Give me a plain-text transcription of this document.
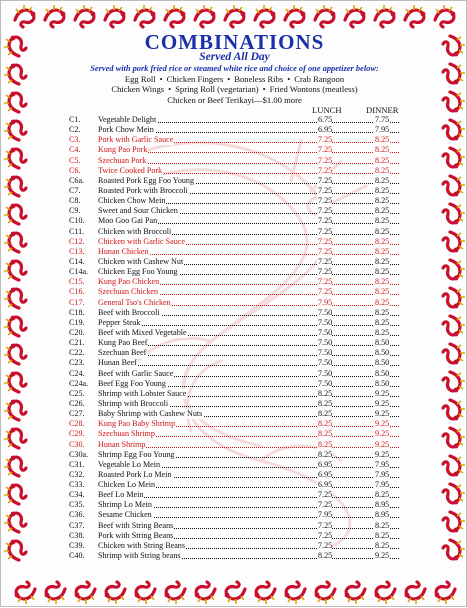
COMBINATIONS
Served All Day
Served with pork fried rice or steamed white rice and choice of one appetizer below:
Egg Roll • Chicken Fingers • Boneless Ribs • Crab Rangoon
Chicken Wings • Spring Roll (vegetarian) • Fried Wontons (meatless)
Chicken or Beef Terikayi—$1.00 more
LUNCH	DINNER
C1.	Vegetable Delight	6.75	7.75
C2.	Pork Chow Mein	6.95	7.95
C3.	Pork with Garlic Sauce	7.25	8.25
C4.	Kung Pao Pork	7.25	8.25
C5.	Szechuan Pork	7.25	8.25
C6.	Twice Cooked Pork	7.25	8.25
C6a.	Roasted Pork Egg Foo Young	7.25	8.25
C7.	Roasted Pork with Broccoli	7.25	8.25
C8.	Chicken Chow Mein	7.25	8.25
C9.	Sweet and Sour Chicken	7.25	8.25
C10.	Moo Goo Gai Pan	7.25	8.25
C11.	Chicken with Broccoli	7.25	8.25
C12.	Chicken with Garlic Sauce	7.25	8.25
C13.	Hunan Chicken	7.25	8.25
C14.	Chicken with Cashew Nut	7.25	8.25
C14a.	Chicken Egg Foo Young	7.25	8.25
C15.	Kung Pao Chicken	7.25	8.25
C16.	Szechuan Chicken	7.25	8.25
C17.	General Tso's Chicken	7.95	8.25
C18.	Beef with Broccoli	7.50	8.25
C19.	Pepper Steak	7.50	8.25
C20.	Beef with Mixed Vegetable	7.50	8.25
C21.	Kung Pao Beef	7.50	8.50
C22.	Szechuan Beef	7.50	8.50
C23.	Hunan Beef	7.50	8.50
C24.	Beef with Garlic Sauce	7.50	8.50
C24a.	Beef Egg Foo Young	7.50	8.50
C25.	Shrimp with Lobster Sauce	8.25	9.25
C26.	Shrimp with Broccoli	8.25	9.25
C27.	Baby Shrimp with Cashew Nuts	8.25	9.25
C28.	Kung Pao Baby Shrimp	8.25	9.25
C29.	Szechuan Shrimp	8.25	9.25
C30.	Hunan Shrimp	8.25	9.25
C30a.	Shrimp Egg Foo Young	8.25	9.25
C31.	Vegetable Lo Mein	6.95	7.95
C32.	Roasted Pork Lo Mein	6.95	7.95
C33.	Chicken Lo Mein	6.95	7.95
C34.	Beef Lo Mein	7.25	8.25
C35.	Shrimp Lo Mein	7.25	8.95
C36.	Sesame Chicken	7.95	8.95
C37.	Beef with String Beans	7.25	8.25
C38.	Pork with String Beans	7.25	8.25
C39.	Chicken with String Beans	7.25	8.25
C40.	Shrimp with String beans	8.25	9.25
